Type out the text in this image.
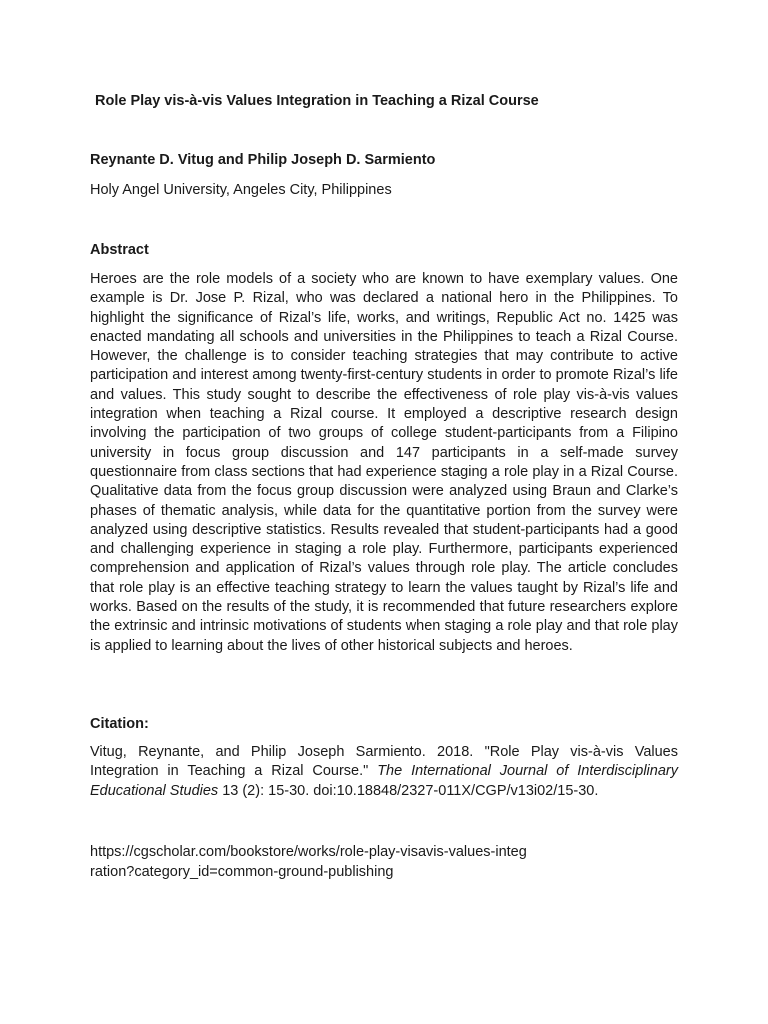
Role Play vis-à-vis Values Integration in Teaching a Rizal Course

Reynante D. Vitug and Philip Joseph D. Sarmiento

Holy Angel University, Angeles City, Philippines

Abstract

Heroes are the role models of a society who are known to have exemplary values. One example is Dr. Jose P. Rizal, who was declared a national hero in the Philippines. To highlight the significance of Rizal’s life, works, and writings, Republic Act no. 1425 was enacted mandating all schools and universities in the Philippines to teach a Rizal Course. However, the challenge is to consider teaching strategies that may contribute to active participation and interest among twenty-first-century students in order to promote Rizal’s life and values. This study sought to describe the effectiveness of role play vis-à-vis values integration when teaching a Rizal course. It employed a descriptive research design involving the participation of two groups of college student-participants from a Filipino university in focus group discussion and 147 participants in a self-made survey questionnaire from class sections that had experience staging a role play in a Rizal Course. Qualitative data from the focus group discussion were analyzed using Braun and Clarke’s phases of thematic analysis, while data for the quantitative portion from the survey were analyzed using descriptive statistics. Results revealed that student-participants had a good and challenging experience in staging a role play. Furthermore, participants experienced comprehension and application of Rizal’s values through role play. The article concludes that role play is an effective teaching strategy to learn the values taught by Rizal’s life and works. Based on the results of the study, it is recommended that future researchers explore the extrinsic and intrinsic motivations of students when staging a role play and that role play is applied to learning about the lives of other historical subjects and heroes.

Citation:

Vitug, Reynante, and Philip Joseph Sarmiento. 2018. "Role Play vis-à-vis Values Integration in Teaching a Rizal Course." The International Journal of Interdisciplinary Educational Studies 13 (2): 15-30. doi:10.18848/2327-011X/CGP/v13i02/15-30.

https://cgscholar.com/bookstore/works/role-play-visavis-values-integration?category_id=common-ground-publishing
